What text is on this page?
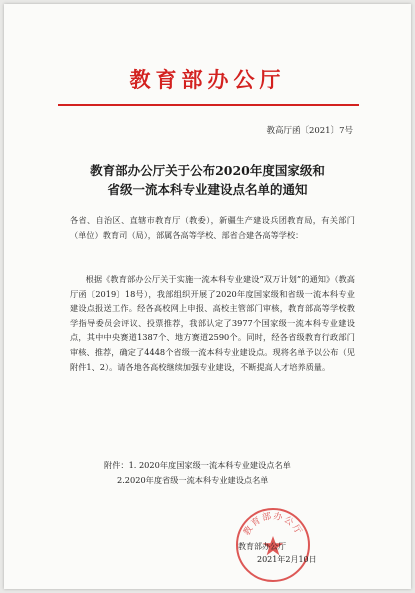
教育部办公厅
教高厅函〔2021〕7号
教育部办公厅关于公布2020年度国家级和
省级一流本科专业建设点名单的通知
各省、自治区、直辖市教育厅（教委），新疆生产建设兵团教育局，有关部门（单位）教育司（局），部属各高等学校、部省合建各高等学校：
根据《教育部办公厅关于实施一流本科专业建设“双万计划”的通知》（教高厅函〔2019〕18号），我部组织开展了2020年度国家级和省级一流本科专业建设点报送工作。经各高校网上申报、高校主管部门审核，教育部高等学校教学指导委员会评议、投票推荐，我部认定了3977个国家级一流本科专业建设点，其中中央赛道1387个、地方赛道2590个。同时，经各省级教育行政部门审核、推荐，确定了4448个省级一流本科专业建设点。现将名单予以公布（见附件1、2）。请各地各高校继续加强专业建设，不断提高人才培养质量。
附件：1. 2020年度国家级一流本科专业建设点名单
2.2020年度省级一流本科专业建设点名单
教育部办公厅
教育部办公厅
2021年2月10日
